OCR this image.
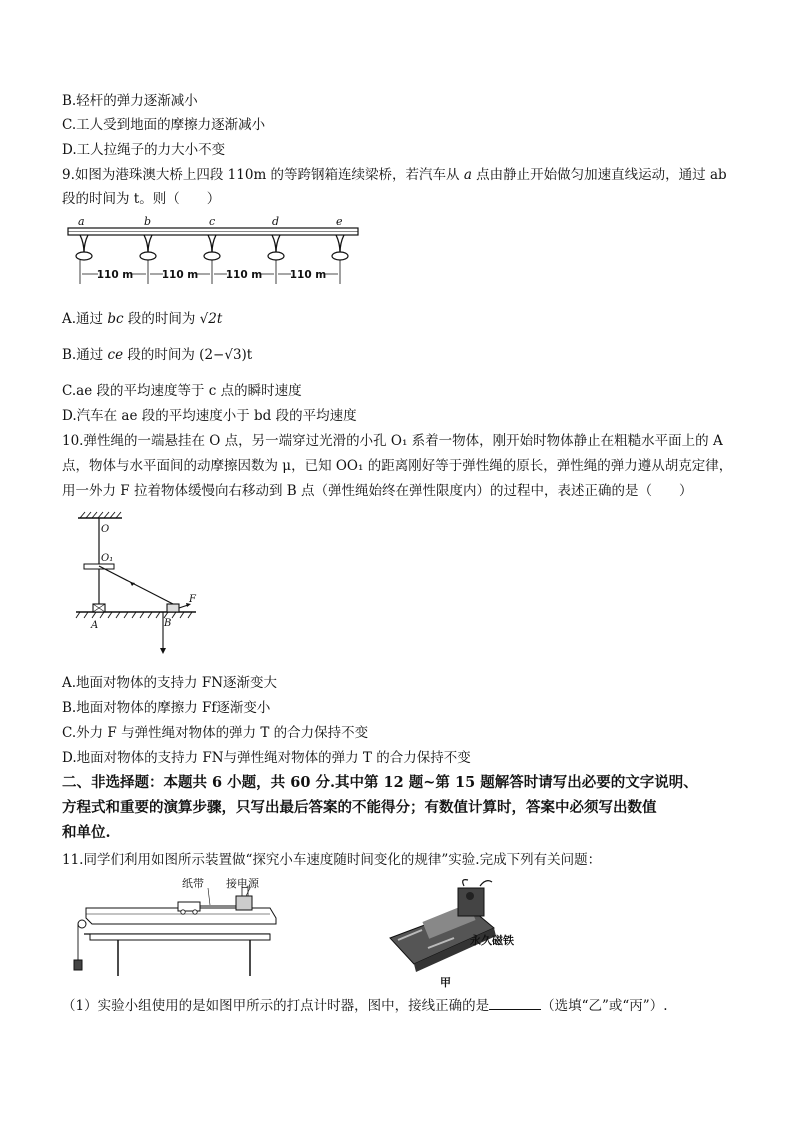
B.轻杆的弹力逐渐减小
C.工人受到地面的摩擦力逐渐减小
D.工人拉绳子的力大小不变
9.如图为港珠澳大桥上四段 110m 的等跨钢箱连续梁桥，若汽车从 a 点由静止开始做匀加速直线运动，通过 ab
段的时间为 t。则（　　）
a	b	c	d	e
110 m	110 m	110 m	110 m
A.通过 bc 段的时间为 √2t
B.通过 ce 段的时间为 (2−√3)t
C.ae 段的平均速度等于 c 点的瞬时速度
D.汽车在 ae 段的平均速度小于 bd 段的平均速度
10.弹性绳的一端悬挂在 O 点，另一端穿过光滑的小孔 O₁ 系着一物体，刚开始时物体静止在粗糙水平面上的 A
点，物体与水平面间的动摩擦因数为 μ，已知 OO₁ 的距离刚好等于弹性绳的原长，弹性绳的弹力遵从胡克定律，
用一外力 F 拉着物体缓慢向右移动到 B 点（弹性绳始终在弹性限度内）的过程中，表述正确的是（　　）
O
O₁
A	B
F
A.地面对物体的支持力 FN逐渐变大
B.地面对物体的摩擦力 Ff逐渐变小
C.外力 F 与弹性绳对物体的弹力 T 的合力保持不变
D.地面对物体的支持力 FN与弹性绳对物体的弹力 T 的合力保持不变
二、非选择题：本题共 6 小题，共 60 分.其中第 12 题~第 15 题解答时请写出必要的文字说明、
方程式和重要的演算步骤，只写出最后答案的不能得分；有数值计算时，答案中必须写出数值
和单位.
11.同学们利用如图所示装置做“探究小车速度随时间变化的规律”实验.完成下列有关问题：
纸带 接电源
永久磁铁
甲
（1）实验小组使用的是如图甲所示的打点计时器，图中，接线正确的是	（选填“乙”或“丙”）.
